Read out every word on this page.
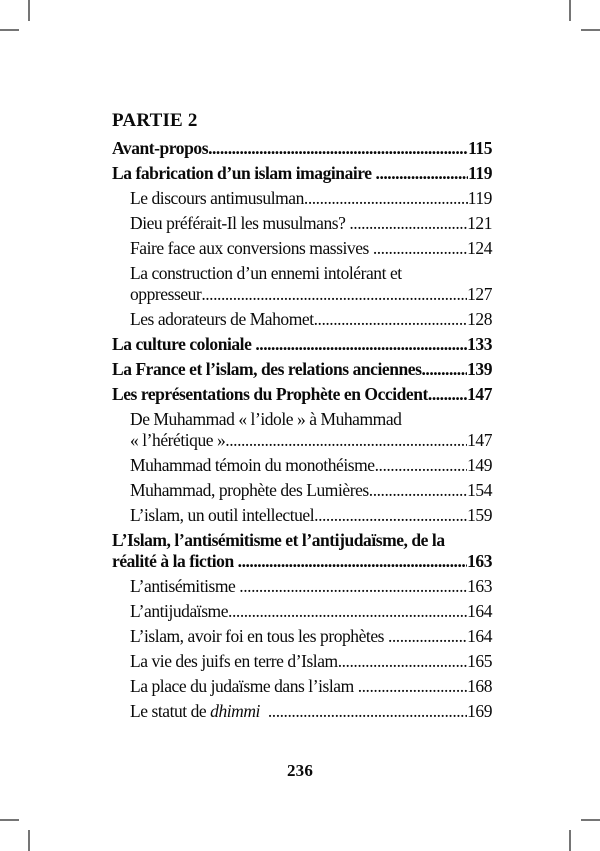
PARTIE 2
Avant-propos .....	115
La fabrication d’un islam imaginaire .....	119
Le discours antimusulman .....	119
Dieu préférait-Il les musulmans? .....	121
Faire face aux conversions massives .....	124
La construction d’un ennemi intolérant et
oppresseur .....	127
Les adorateurs de Mahomet .....	128
La culture coloniale .....	133
La France et l’islam, des relations anciennes .....	139
Les représentations du Prophète en Occident ..... 147
De Muhammad « l’idole » à Muhammad
« l’hérétique » .....	147
Muhammad témoin du monothéisme .....	149
Muhammad, prophète des Lumières .....	154
L’islam, un outil intellectuel .....	159
L’Islam, l’antisémitisme et l’antijudaïsme, de la
réalité à la fiction .....	163
L’antisémitisme .....	163
L’antijudaïsme .....	164
L’islam, avoir foi en tous les prophètes .....	164
La vie des juifs en terre d’Islam .....	165
La place du judaïsme dans l’islam .....	168
Le statut de dhimmi .....	169
236
